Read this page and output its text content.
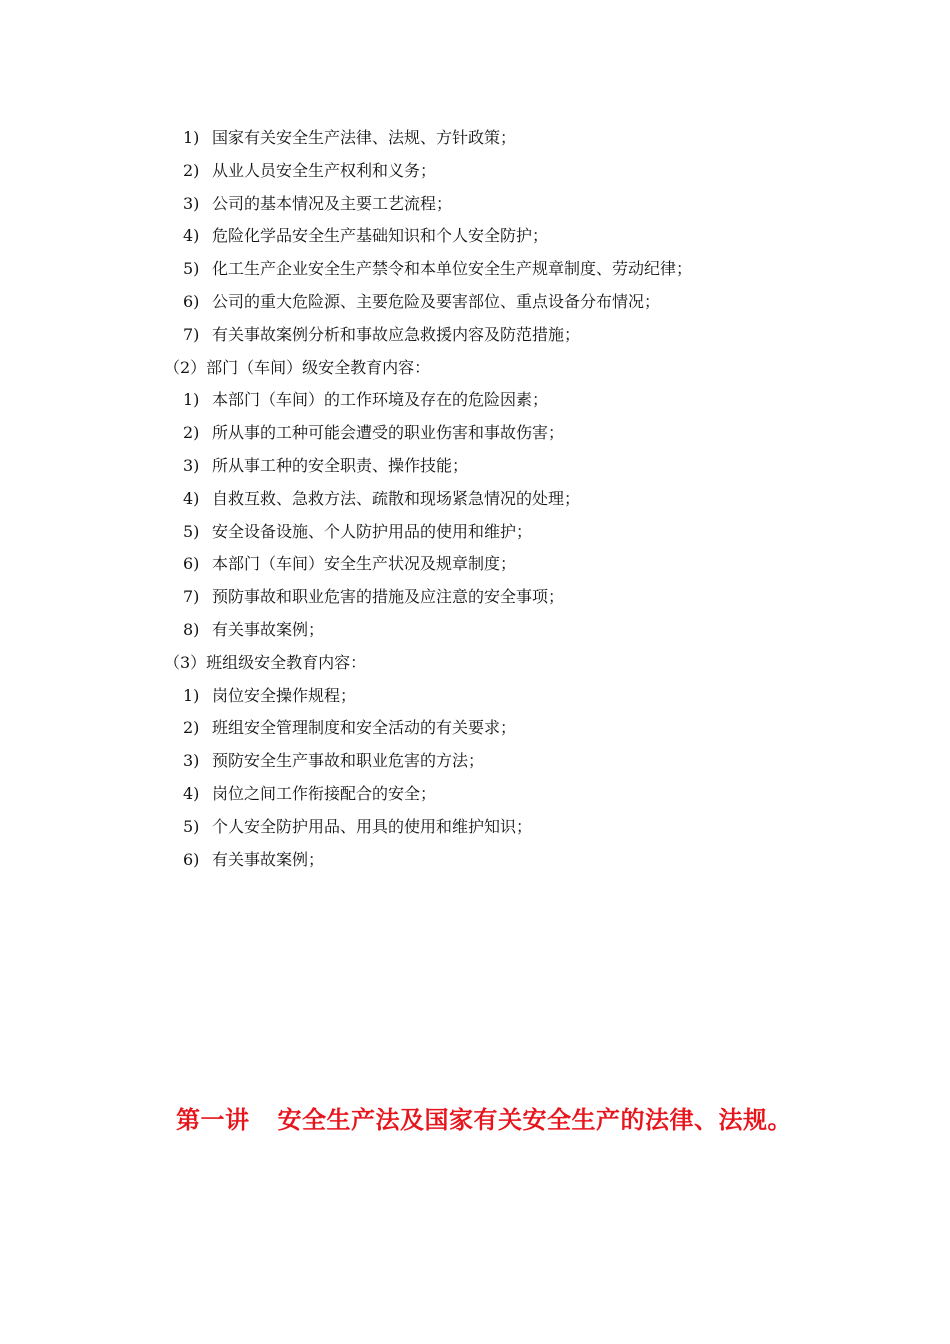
1) 国家有关安全生产法律、法规、方针政策；
2) 从业人员安全生产权利和义务；
3) 公司的基本情况及主要工艺流程；
4) 危险化学品安全生产基础知识和个人安全防护；
5) 化工生产企业安全生产禁令和本单位安全生产规章制度、劳动纪律；
6) 公司的重大危险源、主要危险及要害部位、重点设备分布情况；
7) 有关事故案例分析和事故应急救援内容及防范措施；
（2）部门（车间）级安全教育内容：
1) 本部门（车间）的工作环境及存在的危险因素；
2) 所从事的工种可能会遭受的职业伤害和事故伤害；
3) 所从事工种的安全职责、操作技能；
4) 自救互救、急救方法、疏散和现场紧急情况的处理；
5) 安全设备设施、个人防护用品的使用和维护；
6) 本部门（车间）安全生产状况及规章制度；
7) 预防事故和职业危害的措施及应注意的安全事项；
8) 有关事故案例；
（3）班组级安全教育内容：
1) 岗位安全操作规程；
2) 班组安全管理制度和安全活动的有关要求；
3) 预防安全生产事故和职业危害的方法；
4) 岗位之间工作衔接配合的安全；
5) 个人安全防护用品、用具的使用和维护知识；
6) 有关事故案例；
第一讲 安全生产法及国家有关安全生产的法律、法规。
